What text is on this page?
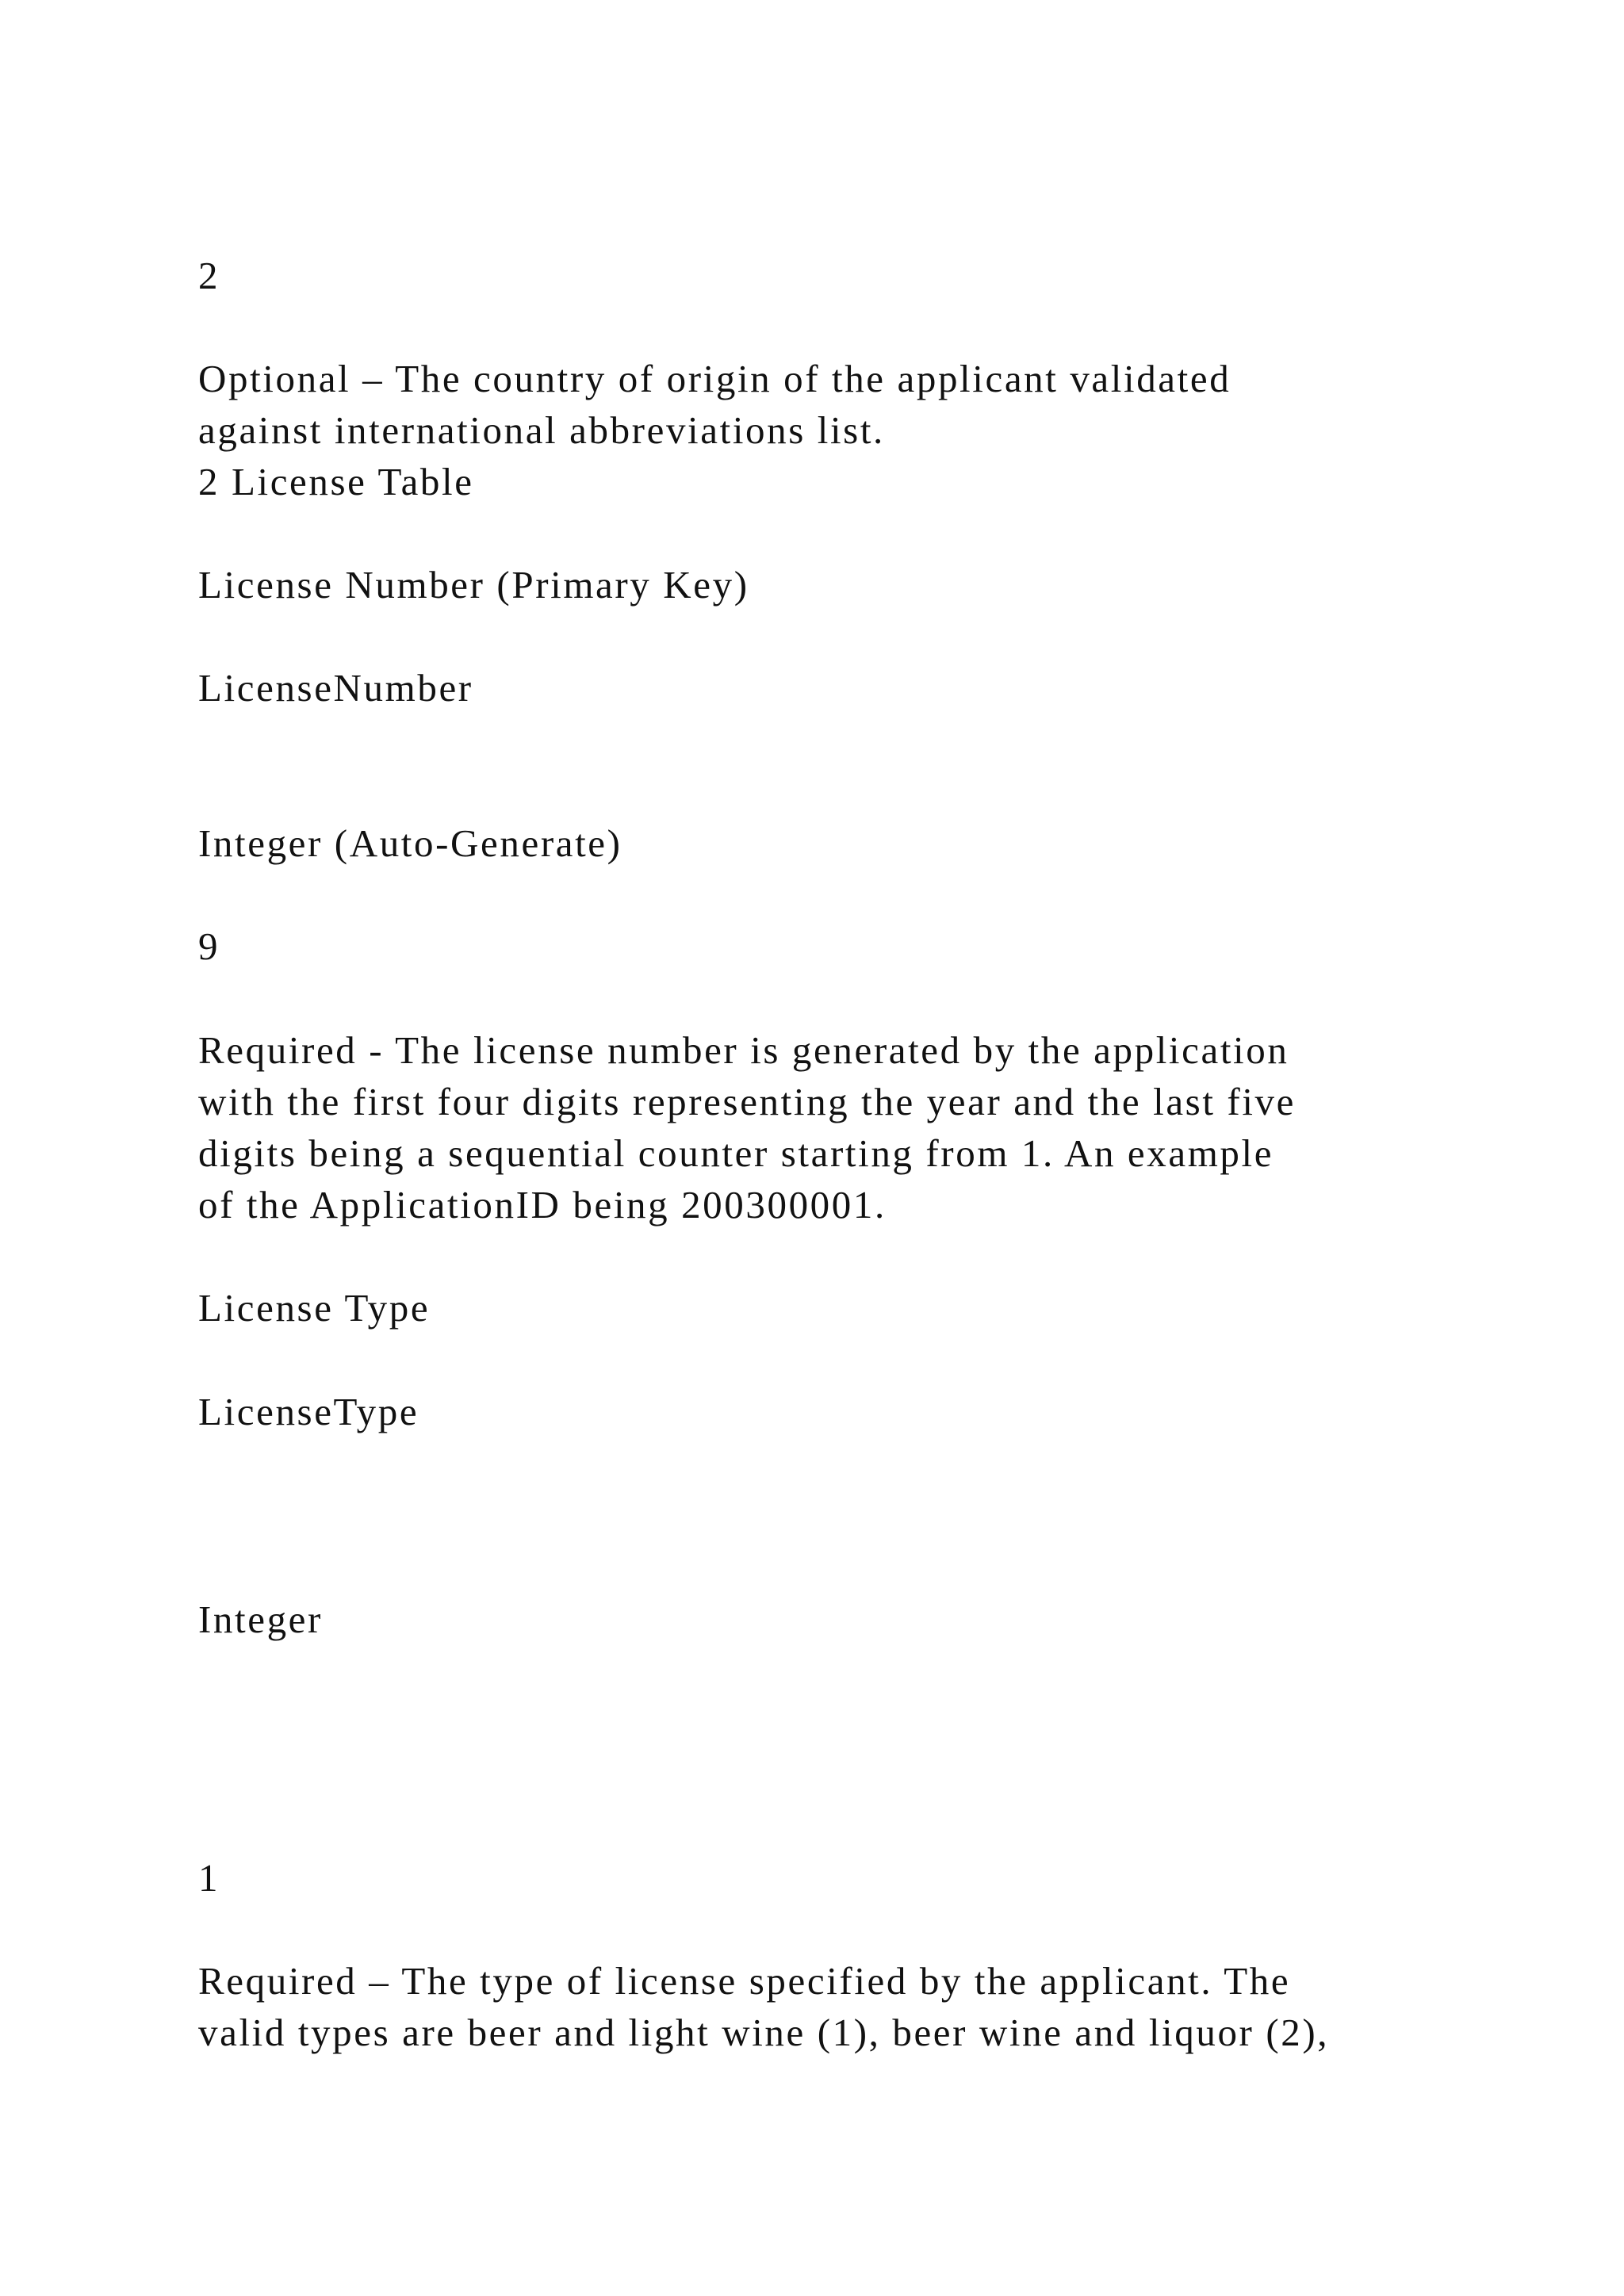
2

Optional – The country of origin of the applicant validated

against international abbreviations list.

2 License Table

License Number (Primary Key)

LicenseNumber

Integer (Auto-Generate)

9

Required - The license number is generated by the application

with the first four digits representing the year and the last five

digits being a sequential counter starting from 1. An example

of the ApplicationID being 200300001.

License Type

LicenseType

Integer

1

Required – The type of license specified by the applicant. The

valid types are beer and light wine (1), beer wine and liquor (2),
